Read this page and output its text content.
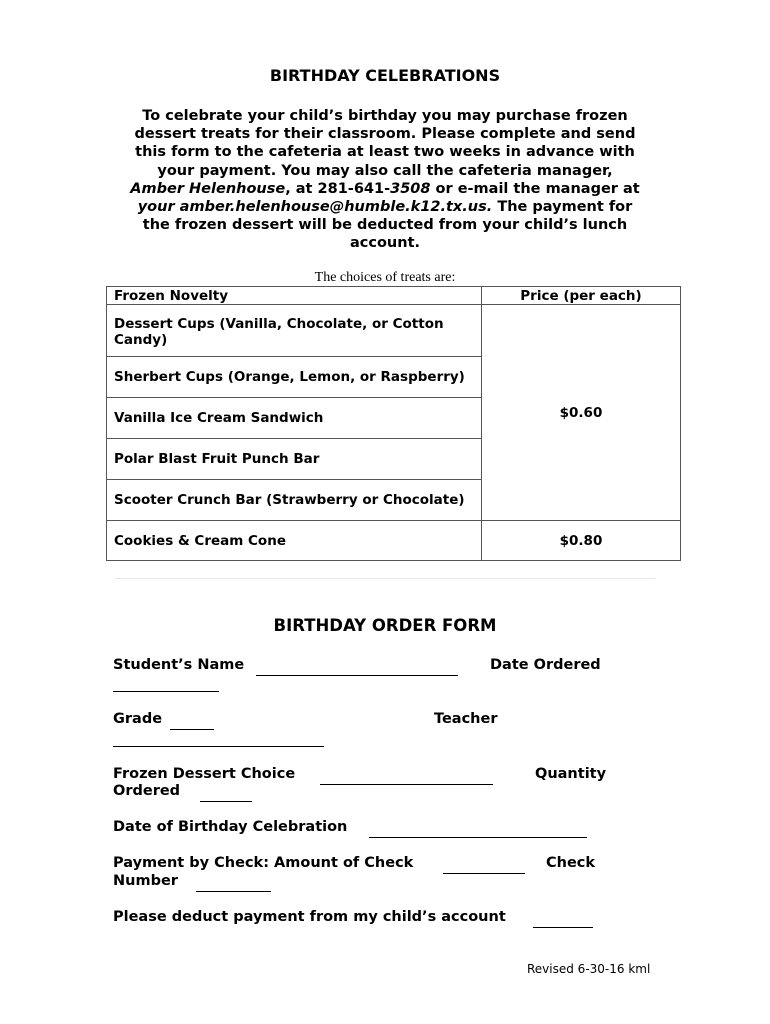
BIRTHDAY CELEBRATIONS
To celebrate your child’s birthday you may purchase frozen
dessert treats for their classroom. Please complete and send
this form to the cafeteria at least two weeks in advance with
your payment. You may also call the cafeteria manager,
Amber Helenhouse, at 281-641-3508 or e-mail the manager at
your amber.helenhouse@humble.k12.tx.us. The payment for
the frozen dessert will be deducted from your child’s lunch
account.
The choices of treats are:
Frozen Novelty	Price (per each)
Dessert Cups (Vanilla, Chocolate, or Cotton Candy)	$0.60
Sherbert Cups (Orange, Lemon, or Raspberry)	
Vanilla Ice Cream Sandwich	
Polar Blast Fruit Punch Bar	
Scooter Crunch Bar (Strawberry or Chocolate)	
Cookies & Cream Cone	$0.80
BIRTHDAY ORDER FORM
Student’s Name	Date Ordered
Grade	Teacher
Frozen Dessert Choice	Quantity
Ordered
Date of Birthday Celebration
Payment by Check: Amount of Check	Check
Number
Please deduct payment from my child’s account
Revised 6-30-16 kml
